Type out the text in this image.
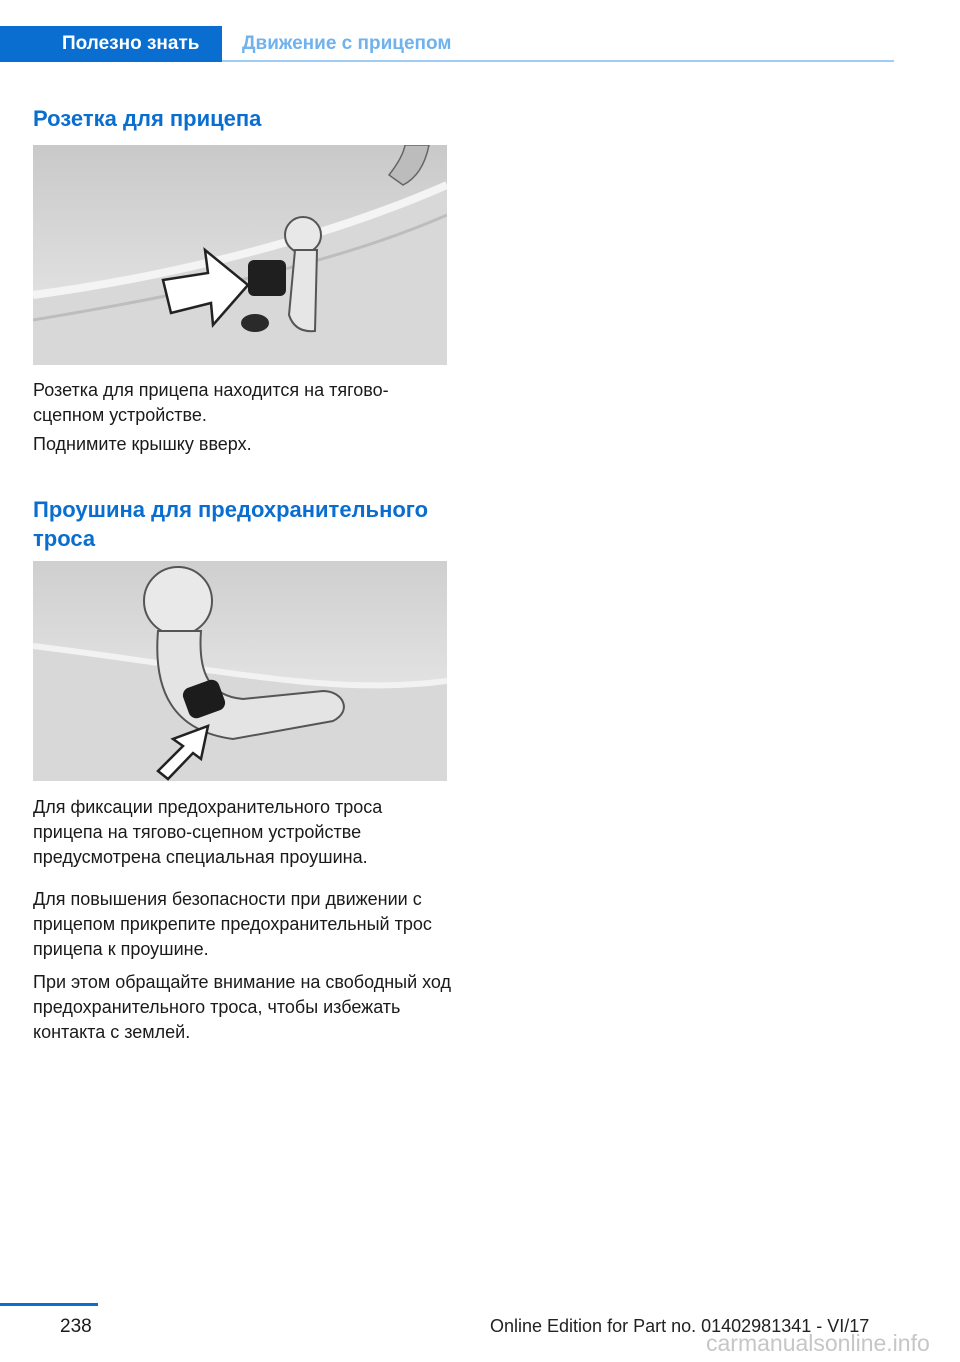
Полезно знать	Движение с прицепом
Розетка для прицепа

Розетка для прицепа находится на тягово-сцепном устройстве.

Поднимите крышку вверх.

Проушина для предохранительного троса

Для фиксации предохранительного троса прицепа на тягово-сцепном устройстве предусмотрена специальная проушина.

Для повышения безопасности при движении с прицепом прикрепите предохранительный трос прицепа к проушине.

При этом обращайте внимание на свободный ход предохранительного троса, чтобы избежать контакта с землей.

238	Online Edition for Part no. 01402981341 - VI/17
carmanualsonline.info
